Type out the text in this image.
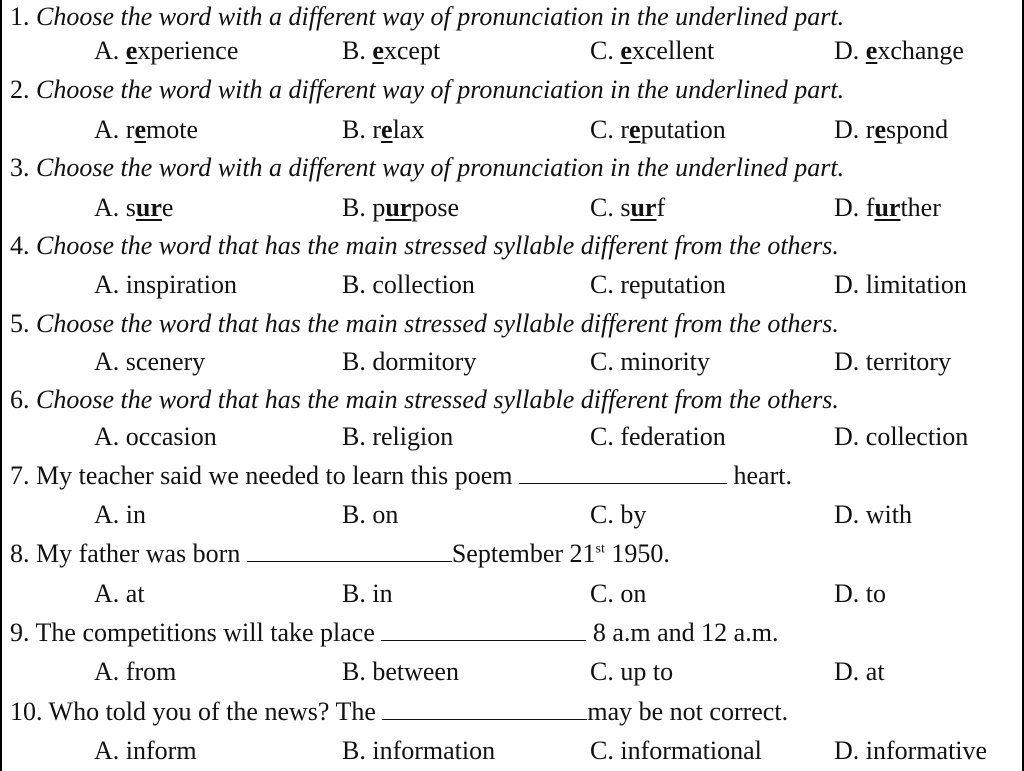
1. Choose the word with a different way of pronunciation in the underlined part.
A. experience	B. except	C. excellent	D. exchange
2. Choose the word with a different way of pronunciation in the underlined part.
A. remote	B. relax	C. reputation	D. respond
3. Choose the word with a different way of pronunciation in the underlined part.
A. sure	B. purpose	C. surf	D. further
4. Choose the word that has the main stressed syllable different from the others.
A. inspiration	B. collection	C. reputation	D. limitation
5. Choose the word that has the main stressed syllable different from the others.
A. scenery	B. dormitory	C. minority	D. territory
6. Choose the word that has the main stressed syllable different from the others.
A. occasion	B. religion	C. federation	D. collection
7. My teacher said we needed to learn this poem	heart.
A. in	B. on	C. by	D. with
8. My father was born	September 21st 1950.
A. at	B. in	C. on	D. to
9. The competitions will take place	8 a.m and 12 a.m.
A. from	B. between	C. up to	D. at
10. Who told you of the news? The	may be not correct.
A. inform	B. information	C. informational	D. informative
